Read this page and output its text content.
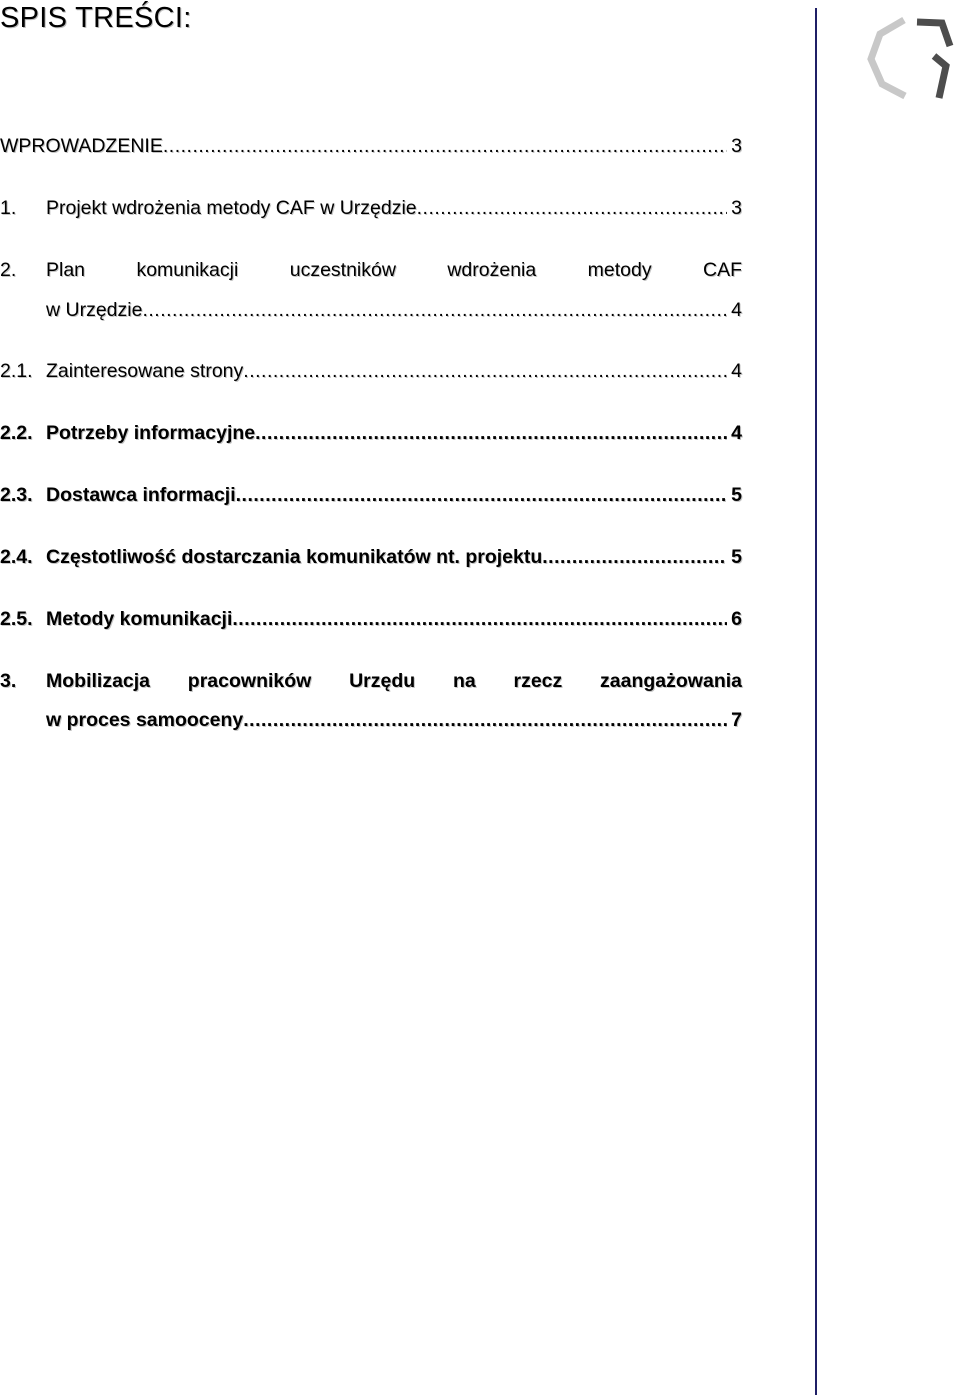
SPIS TREŚCI:
WPROWADZENIE .....	3
1.	Projekt wdrożenia metody CAF w Urzędzie .....	3
2.	Plan	komunikacji	uczestników	wdrożenia	metody	CAF
w Urzędzie .....	4
2.1. Zainteresowane strony .....	4
2.2. Potrzeby informacyjne .....	4
2.3. Dostawca informacji .....	5
2.4. Częstotliwość dostarczania komunikatów nt. projektu .....	5
2.5. Metody komunikacji .....	6
3.	Mobilizacja pracowników Urzędu na rzecz zaangażowania
w proces samooceny .....	7
